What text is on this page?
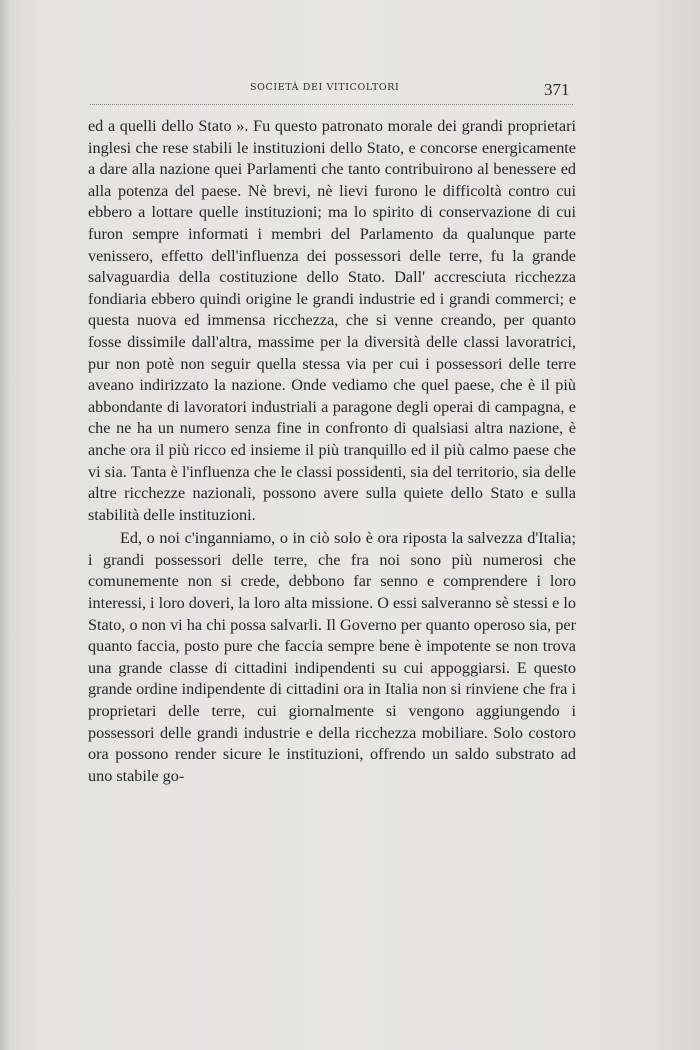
SOCIETÀ DEI VITICOLTORI	371

ed a quelli dello Stato ». Fu questo patronato morale dei grandi proprietari inglesi che rese stabili le instituzioni dello Stato, e concorse energicamente a dare alla nazione quei Parlamenti che tanto contribuirono al benessere ed alla potenza del paese. Nè brevi, nè lievi furono le difficoltà contro cui ebbero a lottare quelle instituzioni; ma lo spirito di conservazione di cui furon sempre informati i membri del Parlamento da qualunque parte venissero, effetto dell'influenza dei possessori delle terre, fu la grande salvaguardia della costituzione dello Stato. Dall' accresciuta ricchezza fondiaria ebbero quindi origine le grandi industrie ed i grandi commerci; e questa nuova ed immensa ricchezza, che si venne creando, per quanto fosse dissimile dall'altra, massime per la diversità delle classi lavoratrici, pur non potè non seguir quella stessa via per cui i possessori delle terre aveano indirizzato la nazione. Onde vediamo che quel paese, che è il più abbondante di lavoratori industriali a paragone degli operai di campagna, e che ne ha un numero senza fine in confronto di qualsiasi altra nazione, è anche ora il più ricco ed insieme il più tranquillo ed il più calmo paese che vi sia. Tanta è l'influenza che le classi possidenti, sia del territorio, sia delle altre ricchezze nazionali, possono avere sulla quiete dello Stato e sulla stabilità delle instituzioni.

Ed, o noi c'inganniamo, o in ciò solo è ora riposta la salvezza d'Italia; i grandi possessori delle terre, che fra noi sono più numerosi che comunemente non si crede, debbono far senno e comprendere i loro interessi, i loro doveri, la loro alta missione. O essi salveranno sè stessi e lo Stato, o non vi ha chi possa salvarli. Il Governo per quanto operoso sia, per quanto faccia, posto pure che faccia sempre bene è impotente se non trova una grande classe di cittadini indipendenti su cui appoggiarsi. E questo grande ordine indipendente di cittadini ora in Italia non si rinviene che fra i proprietari delle terre, cui giornalmente si vengono aggiungendo i possessori delle grandi industrie e della ricchezza mobiliare. Solo costoro ora possono render sicure le instituzioni, offrendo un saldo substrato ad uno stabile go-
